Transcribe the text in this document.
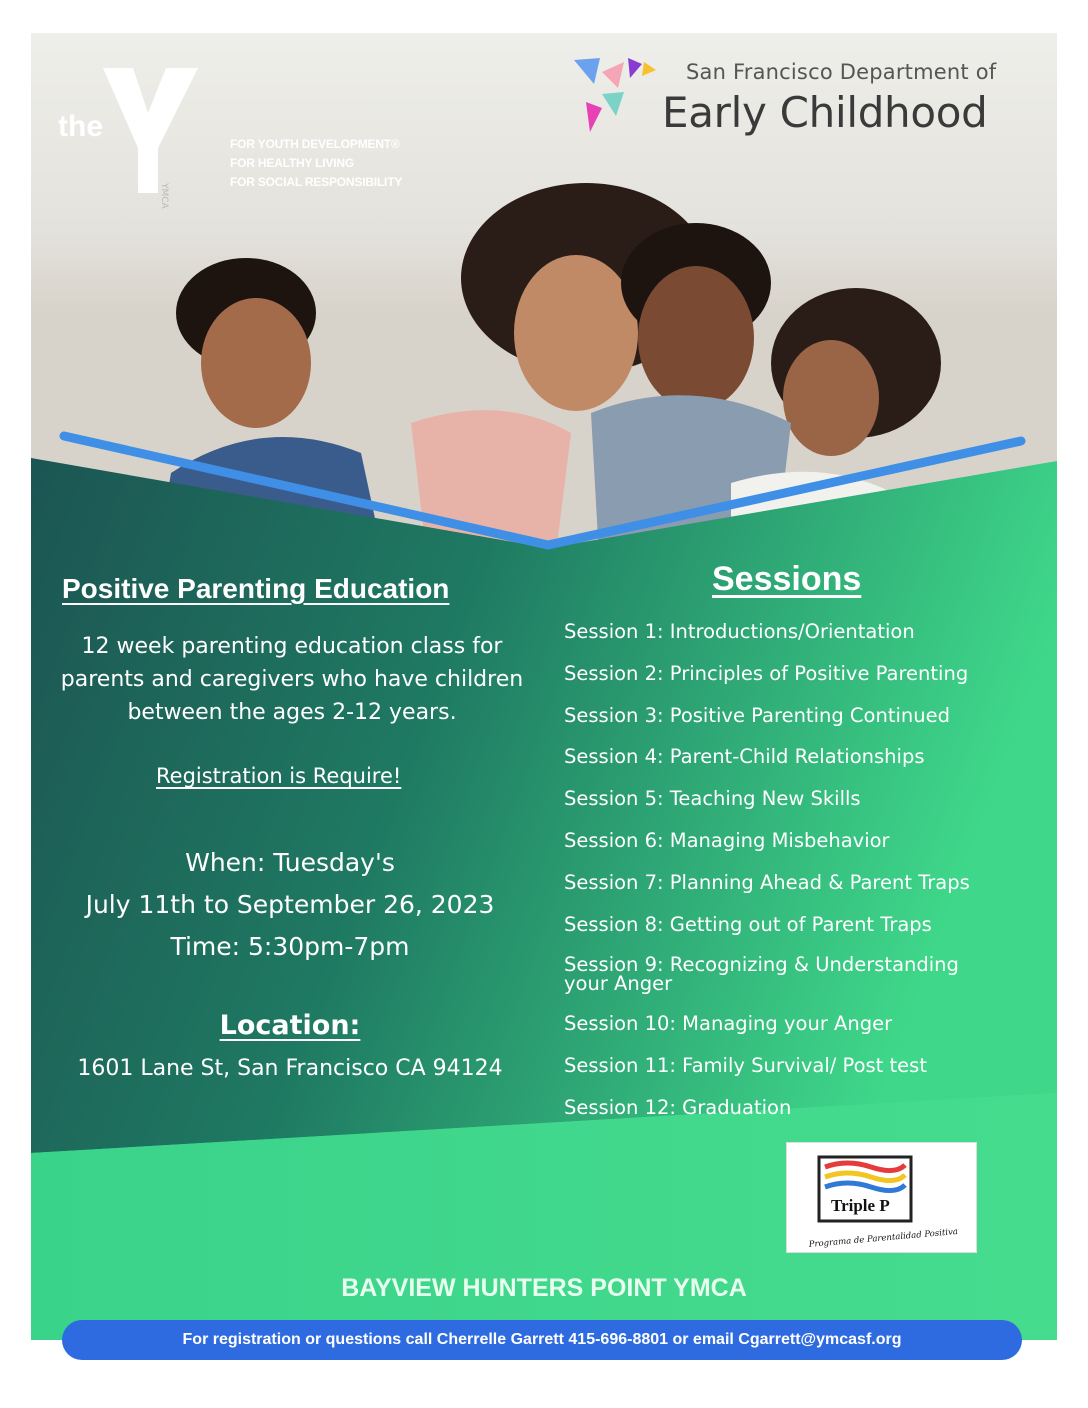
the
YMCA
FOR YOUTH DEVELOPMENT®
FOR HEALTHY LIVING
FOR SOCIAL RESPONSIBILITY
San Francisco Department of
Early Childhood
Positive Parenting Education
12 week parenting education class for parents and caregivers who have children between the ages 2-12 years.
Registration is Require!
When: Tuesday's
July 11th to September 26, 2023
Time: 5:30pm-7pm
Location:
1601 Lane St, San Francisco CA 94124
Sessions
Session 1: Introductions/Orientation
Session 2: Principles of Positive Parenting
Session 3: Positive Parenting Continued
Session 4: Parent-Child Relationships
Session 5: Teaching New Skills
Session 6: Managing Misbehavior
Session 7: Planning Ahead & Parent Traps
Session 8: Getting out of Parent Traps
Session 9: Recognizing & Understanding your Anger
Session 10: Managing your Anger
Session 11: Family Survival/ Post test
Session 12: Graduation
Triple P
Programa de Parentalidad Positiva
BAYVIEW HUNTERS POINT YMCA
For registration or questions call Cherrelle Garrett 415-696-8801 or email Cgarrett@ymcasf.org
